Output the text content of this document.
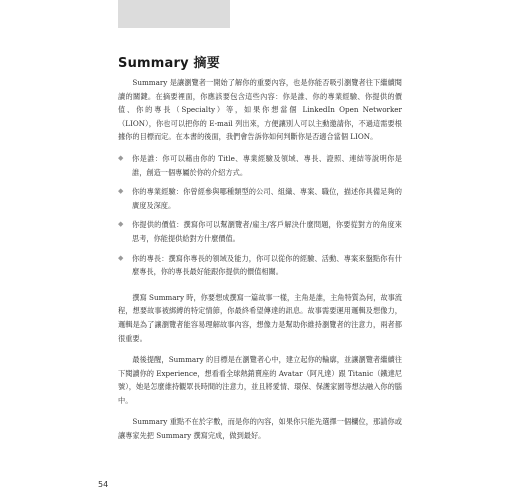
Summary 摘要

Summary 是讓瀏覽者一開始了解你的重要內容，也是你能否吸引瀏覽者往下繼續閱讀的關鍵。在摘要裡面，你應該要包含這些內容：你是誰、你的專業經驗、你提供的價值、你的專長（Specialty）等，如果你想當個 LinkedIn Open Networker（LION），你也可以把你的 E-mail 列出來，方便讓別人可以主動邀請你，不過這需要根據你的目標而定。在本書的後面，我們會告訴你如何判斷你是否適合當個 LION。

◆	你是誰：你可以藉由你的 Title、專業經驗及領域、專長、證照、連結等說明你是誰，創造一個專屬於你的介紹方式。
◆	你的專業經驗：你曾經參與哪種類型的公司、組織、專案、職位，描述你具備足夠的廣度及深度。
◆	你提供的價值：撰寫你可以幫瀏覽者/雇主/客戶解決什麼問題，你要從對方的角度來思考，你能提供給對方什麼價值。
◆	你的專長：撰寫你專長的領域及能力，你可以從你的經驗、活動、專案來盤點你有什麼專長，你的專長最好能跟你提供的價值相關。

撰寫 Summary 時，你要想成撰寫一篇故事一樣，主角是誰，主角特質為何，故事流程，想要故事被綁縛的特定情節，你最終希望傳達的訊息。故事需要運用邏輯及想像力，邏輯是為了讓瀏覽者能容易理解故事內容，想像力是幫助你維持瀏覽者的注意力，兩者都很重要。

最後提醒，Summary 的目標是在瀏覽者心中，建立起你的輪廓，並讓瀏覽者繼續往下閱讀你的 Experience，想看看全球熱銷賣座的 Avatar（阿凡達）跟 Titanic（鐵達尼號），她是怎麼維持觀眾長時間的注意力，並且將愛情、環保、保護家園等想法融入你的腦中。

Summary 重點不在於字數，而是你的內容，如果你只能先選擇一個欄位，那請你或讓專家先把 Summary 撰寫完成，做到最好。

54
